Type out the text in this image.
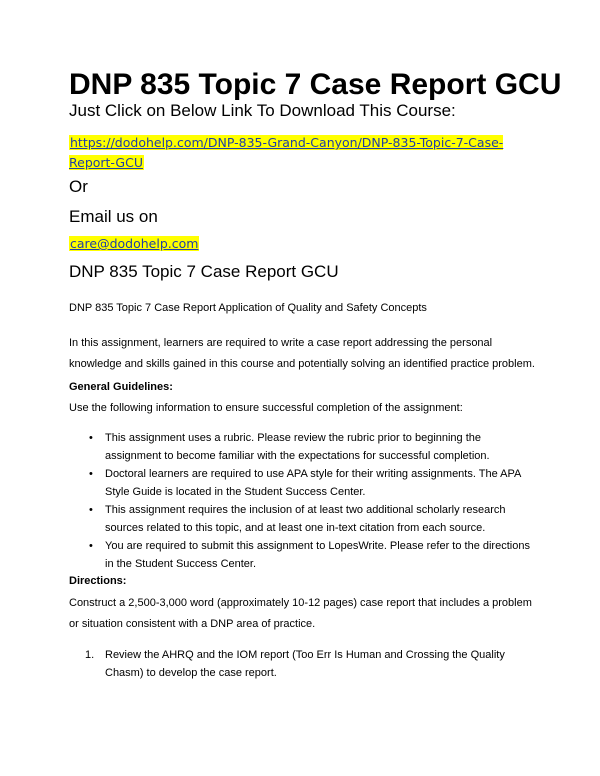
DNP 835 Topic 7 Case Report GCU
Just Click on Below Link To Download This Course:
https://dodohelp.com/DNP-835-Grand-Canyon/DNP-835-Topic-7-Case-Report-GCU
Or
Email us on
care@dodohelp.com
DNP 835 Topic 7 Case Report GCU
DNP 835 Topic 7 Case Report Application of Quality and Safety Concepts
In this assignment, learners are required to write a case report addressing the personal knowledge and skills gained in this course and potentially solving an identified practice problem.
General Guidelines:
Use the following information to ensure successful completion of the assignment:
• This assignment uses a rubric. Please review the rubric prior to beginning the assignment to become familiar with the expectations for successful completion.
• Doctoral learners are required to use APA style for their writing assignments. The APA Style Guide is located in the Student Success Center.
• This assignment requires the inclusion of at least two additional scholarly research sources related to this topic, and at least one in-text citation from each source.
• You are required to submit this assignment to LopesWrite. Please refer to the directions in the Student Success Center.
Directions:
Construct a 2,500-3,000 word (approximately 10-12 pages) case report that includes a problem or situation consistent with a DNP area of practice.
1. Review the AHRQ and the IOM report (Too Err Is Human and Crossing the Quality Chasm) to develop the case report.
